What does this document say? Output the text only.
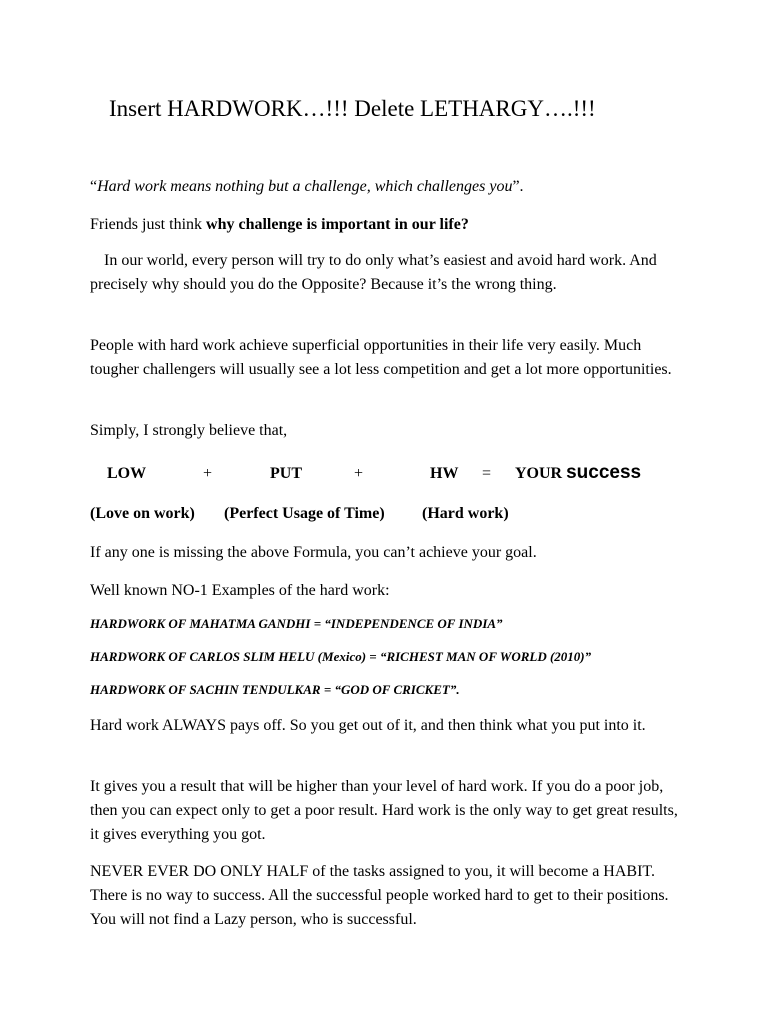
Insert HARDWORK…!!! Delete LETHARGY….!!!

“Hard work means nothing but a challenge, which challenges you”.

Friends just think why challenge is important in our life?

In our world, every person will try to do only what’s easiest and avoid hard work. And precisely why should you do the Opposite? Because it’s the wrong thing.

People with hard work achieve superficial opportunities in their life very easily. Much tougher challengers will usually see a lot less competition and get a lot more opportunities.

Simply, I strongly believe that,

LOW	+	PUT	+	HW = YOUR success
(Love on work) (Perfect Usage of Time) (Hard work)

If any one is missing the above Formula, you can’t achieve your goal.

Well known NO-1 Examples of the hard work:

HARDWORK OF MAHATMA GANDHI = “INDEPENDENCE OF INDIA”
HARDWORK OF CARLOS SLIM HELU (Mexico) = “RICHEST MAN OF WORLD (2010)”
HARDWORK OF SACHIN TENDULKAR = “GOD OF CRICKET”.

Hard work ALWAYS pays off. So you get out of it, and then think what you put into it.

It gives you a result that will be higher than your level of hard work. If you do a poor job, then you can expect only to get a poor result. Hard work is the only way to get great results, it gives everything you got.

NEVER EVER DO ONLY HALF of the tasks assigned to you, it will become a HABIT. There is no way to success. All the successful people worked hard to get to their positions. You will not find a Lazy person, who is successful.
